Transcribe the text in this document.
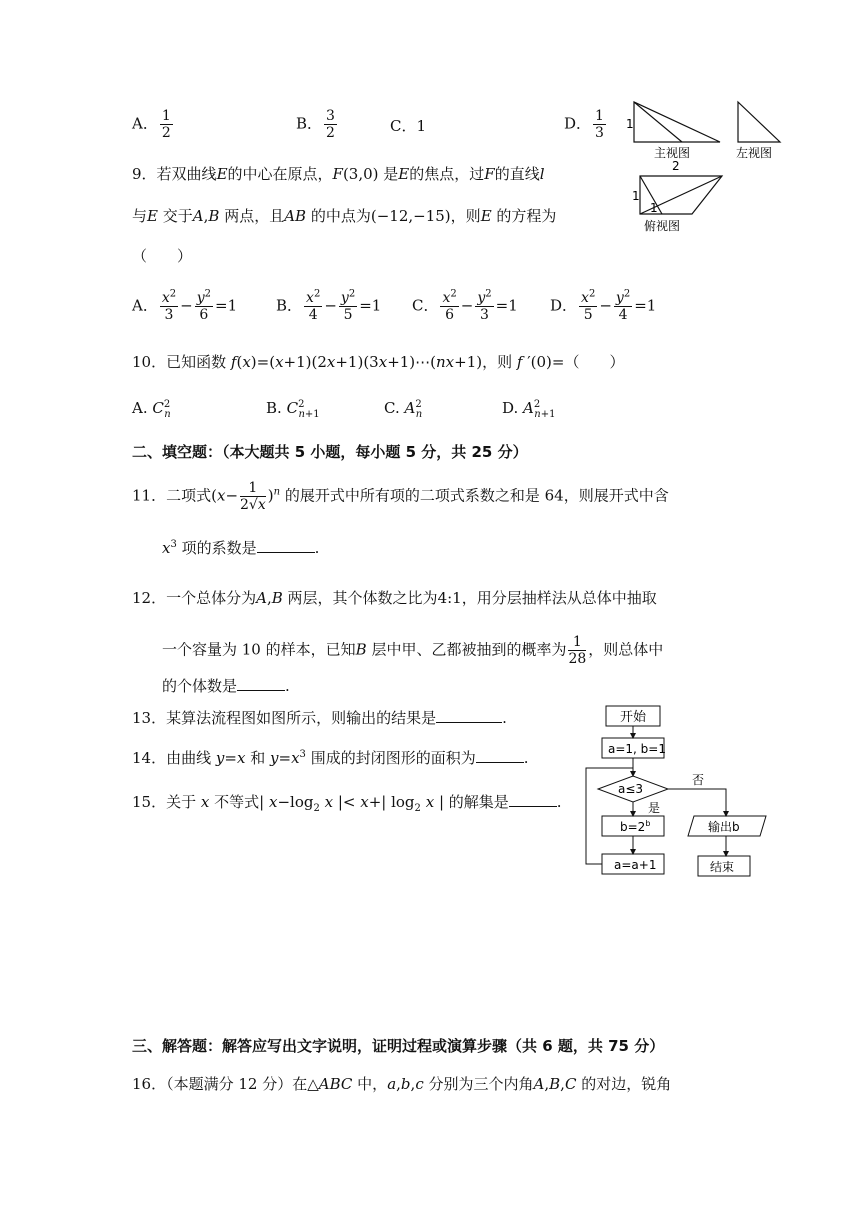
A． $\frac{1}{2}$	B． $\frac{3}{2}$	C．1	D． $\frac{1}{3} 1$
主视图
2
左视图
1
1
俯视图
9．若双曲线E的中心在原点，F(3,0) 是E的焦点，过F的直线l
与E 交于A,B 两点，且AB 的中点为(−12,−15)，则E 的方程为
（　　）
A． $\frac{x^2}{3} - \frac{y^2}{6} =1$	B． $\frac{x^2}{4} - \frac{y^2}{5} =1$ C． $\frac{x^2}{6} - \frac{y^2}{3} =1$ D． $\frac{x^2}{5} - \frac{y^2}{4} =1$
10．已知函数 f(x)=(x+1)(2x+1)(3x+1)⋯(nx+1)，则 f ′(0)=（　　）
A. $C^2_n$	B. $C^2_{n+1}$	C. $A^2_n$	D. $A^2_{n+1}$
二、填空题：（本大题共 5 小题，每小题 5 分，共 25 分）
11．二项式$(x- \frac{1}{2√x} )^n$ 的展开式中所有项的二项式系数之和是 64，则展开式中含
$x^3$ 项的系数是	.
12．一个总体分为A,B 两层，其个体数之比为4:1，用分层抽样法从总体中抽取
一个容量为 10 的样本，已知B 层中甲、乙都被抽到的概率为 $\frac{1}{28}$ ，则总体中
的个体数是	.
13．某算法流程图如图所示，则输出的结果是	.
14．由曲线 y=x 和 $y=x^3$ 围成的封闭图形的面积为	.
15．关于 x 不等式| $x-\log_2$ x |< x+| $\log_2 x$ | 的解集是	.
开始
a=1, b=1
a≤3
否
是
$b=2^b$
a=a+1
输出b
结束
三、解答题：解答应写出文字说明，证明过程或演算步骤（共 6 题，共 75 分）
16．（本题满分 12 分）在△ABC 中，a,b,c 分别为三个内角A,B,C 的对边，锐角
